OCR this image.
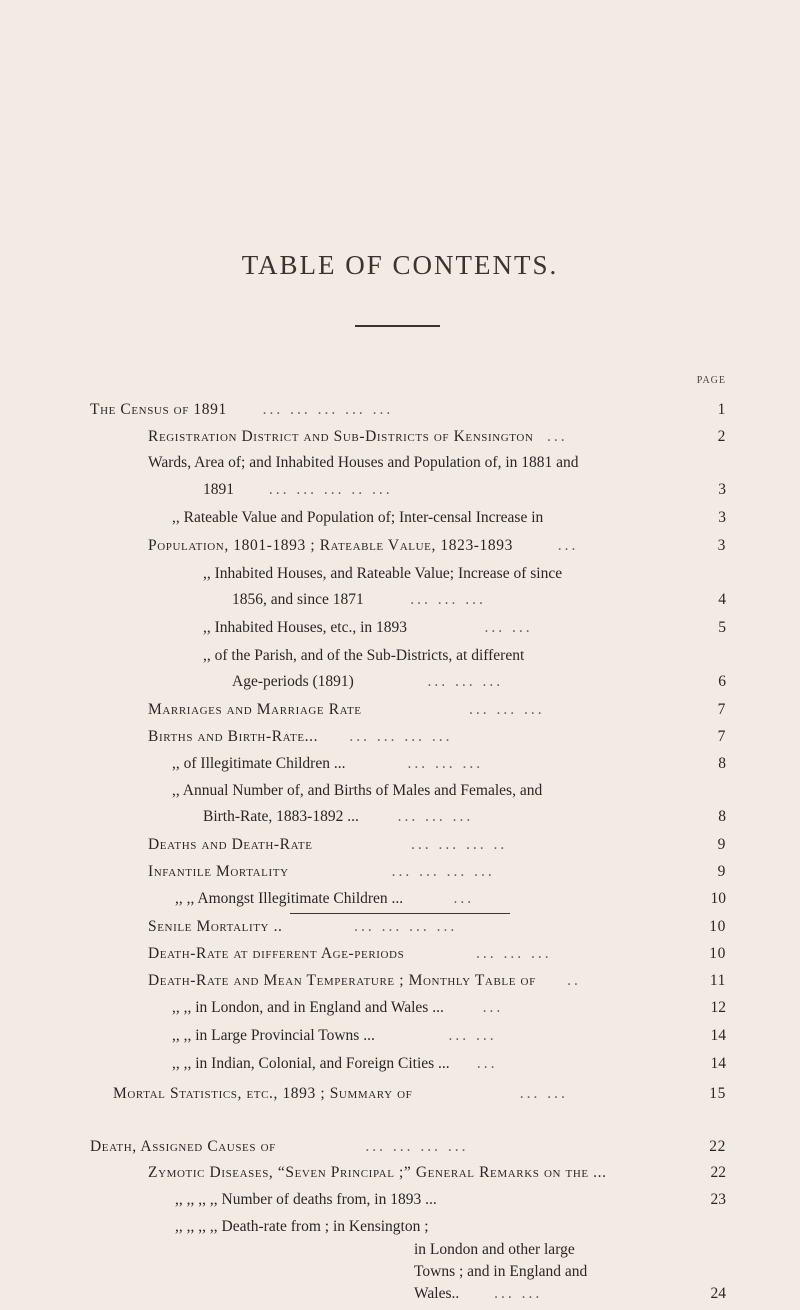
TABLE OF CONTENTS.
PAGE
The Census of 1891 ... ... ... ... ...	1
Registration District and Sub-Districts of Kensington ...	2
Wards, Area of; and Inhabited Houses and Population of, in 1881 and
1891 ... ... ... .. ...	3
,, Rateable Value and Population of; Inter-censal Increase in	3
Population, 1801-1893 ; Rateable Value, 1823-1893	...	3
,, Inhabited Houses, and Rateable Value; Increase of since
1856, and since 1871	... ... ...	4
,, Inhabited Houses, etc., in 1893	... ...	5
,, of the Parish, and of the Sub-Districts, at different
Age-periods (1891)	... ... ...	6
Marriages and Marriage Rate	... ... ...	7
Births and Birth-Rate... ... ... ... ...	7
,, of Illegitimate Children ...	... ... ...	8
,, Annual Number of, and Births of Males and Females, and
Birth-Rate, 1883-1892 ...	... ... ...	8
Deaths and Death-Rate	... ... ... ..	9
Infantile Mortality	... ... ... ...	9
,, ,, Amongst Illegitimate Children ...	...	10
Senile Mortality ..	... ... ... ...	10
Death-Rate at different Age-periods	... ... ...	10
Death-Rate and Mean Temperature ; Monthly Table of ..	11
,, ,, in London, and in England and Wales ...	...	12
,, ,, in Large Provincial Towns ...	... ...	14
,, ,, in Indian, Colonial, and Foreign Cities ... ...	14
Mortal Statistics, etc., 1893 ; Summary of	... ...	15
Death, Assigned Causes of	... ... ... ...	22
Zymotic Diseases, “Seven Principal ;” General Remarks on the ...	22
,, ,, ,, ,, Number of deaths from, in 1893 ...	23
,, ,, ,, ,, Death-rate from ; in Kensington ;
in London and other large
Towns ; and in England and
Wales.. ... ...	24
